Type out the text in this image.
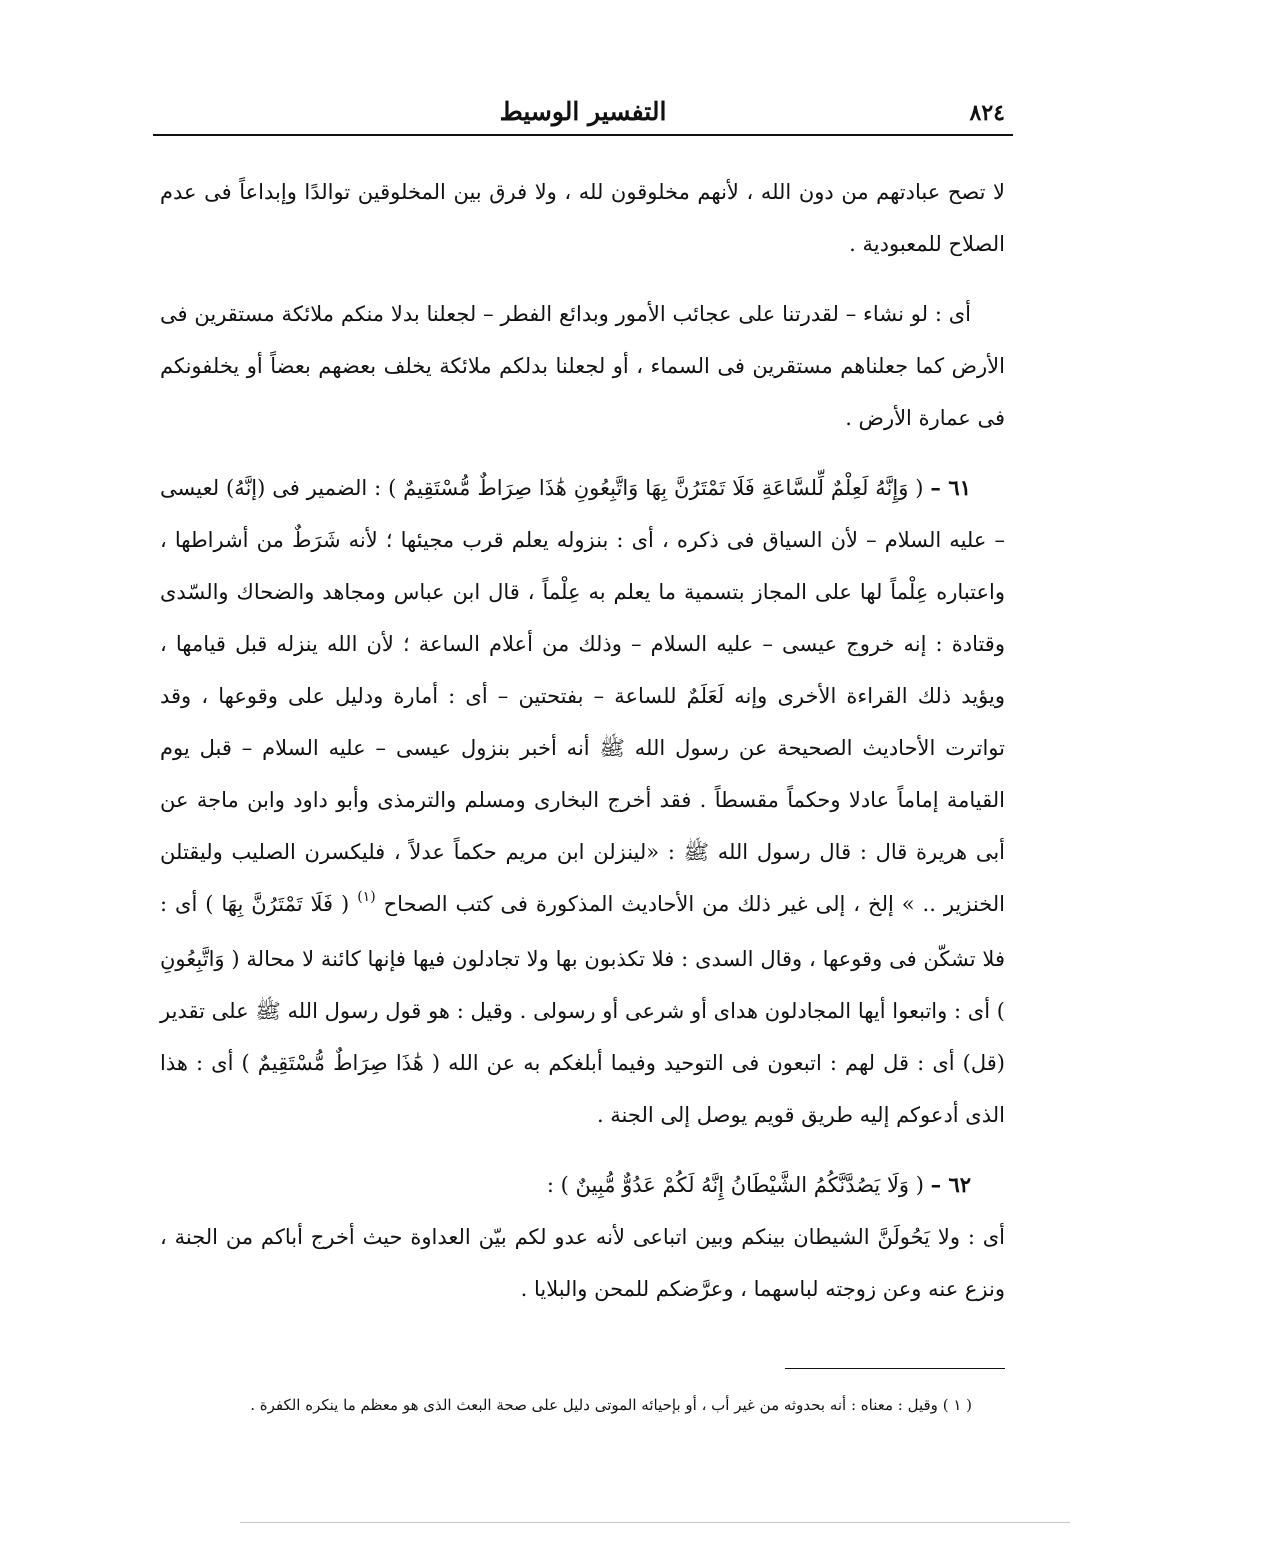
التفسير الوسيط	٨٢٤

لا تصح عبادتهم من دون الله ، لأنهم مخلوقون لله ، ولا فرق بين المخلوقين توالدًا وإبداعاً فى عدم الصلاح للمعبودية .

أى : لو نشاء – لقدرتنا على عجائب الأمور وبدائع الفطر – لجعلنا بدلا منكم ملائكة مستقرين فى الأرض كما جعلناهم مستقرين فى السماء ، أو لجعلنا بدلكم ملائكة يخلف بعضهم بعضاً أو يخلفونكم فى عمارة الأرض .

٦١ – ( وَإِنَّهُ لَعِلْمٌ لِّلسَّاعَةِ فَلَا تَمْتَرُنَّ بِهَا وَاتَّبِعُونِ هَٰذَا صِرَاطٌ مُّسْتَقِيمٌ ) : الضمير فى (إنَّهُ) لعيسى – عليه السلام – لأن السياق فى ذكره ، أى : بنزوله يعلم قرب مجيئها ؛ لأنه شَرَطٌ من أشراطها ، واعتباره عِلْماً لها على المجاز بتسمية ما يعلم به عِلْماً ، قال ابن عباس ومجاهد والضحاك والسّدى وقتادة : إنه خروج عيسى – عليه السلام – وذلك من أعلام الساعة ؛ لأن الله ينزله قبل قيامها ، ويؤيد ذلك القراءة الأخرى وإنه لَعَلَمٌ للساعة – بفتحتين – أى : أمارة ودليل على وقوعها ، وقد تواترت الأحاديث الصحيحة عن رسول الله ﷺ أنه أخبر بنزول عيسى – عليه السلام – قبل يوم القيامة إماماً عادلا وحكماً مقسطاً . فقد أخرج البخارى ومسلم والترمذى وأبو داود وابن ماجة عن أبى هريرة قال : قال رسول الله ﷺ : «لينزلن ابن مريم حكماً عدلاً ، فليكسرن الصليب وليقتلن الخنزير .. » إلخ ، إلى غير ذلك من الأحاديث المذكورة فى كتب الصحاح $^{(١)}$ ( فَلَا تَمْتَرُنَّ بِهَا ) أى : فلا تشكّن فى وقوعها ، وقال السدى : فلا تكذبون بها ولا تجادلون فيها فإنها كائنة لا محالة ( وَاتَّبِعُونِ ) أى : واتبعوا أيها المجادلون هداى أو شرعى أو رسولى . وقيل : هو قول رسول الله ﷺ على تقدير (قل) أى : قل لهم : اتبعون فى التوحيد وفيما أبلغكم به عن الله ( هَٰذَا صِرَاطٌ مُّسْتَقِيمٌ ) أى : هذا الذى أدعوكم إليه طريق قويم يوصل إلى الجنة .

٦٢ – ( وَلَا يَصُدَّنَّكُمُ الشَّيْطَانُ إِنَّهُ لَكُمْ عَدُوٌّ مُّبِينٌ ) :

أى : ولا يَحُولَنَّ الشيطان بينكم وبين اتباعى لأنه عدو لكم بيّن العداوة حيث أخرج أباكم من الجنة ، ونزع عنه وعن زوجته لباسهما ، وعرَّضكم للمحن والبلايا .

( ١ ) وقيل : معناه : أنه بحدوثه من غير أب ، أو بإحيائه الموتى دليل على صحة البعث الذى هو معظم ما ينكره الكفرة .
